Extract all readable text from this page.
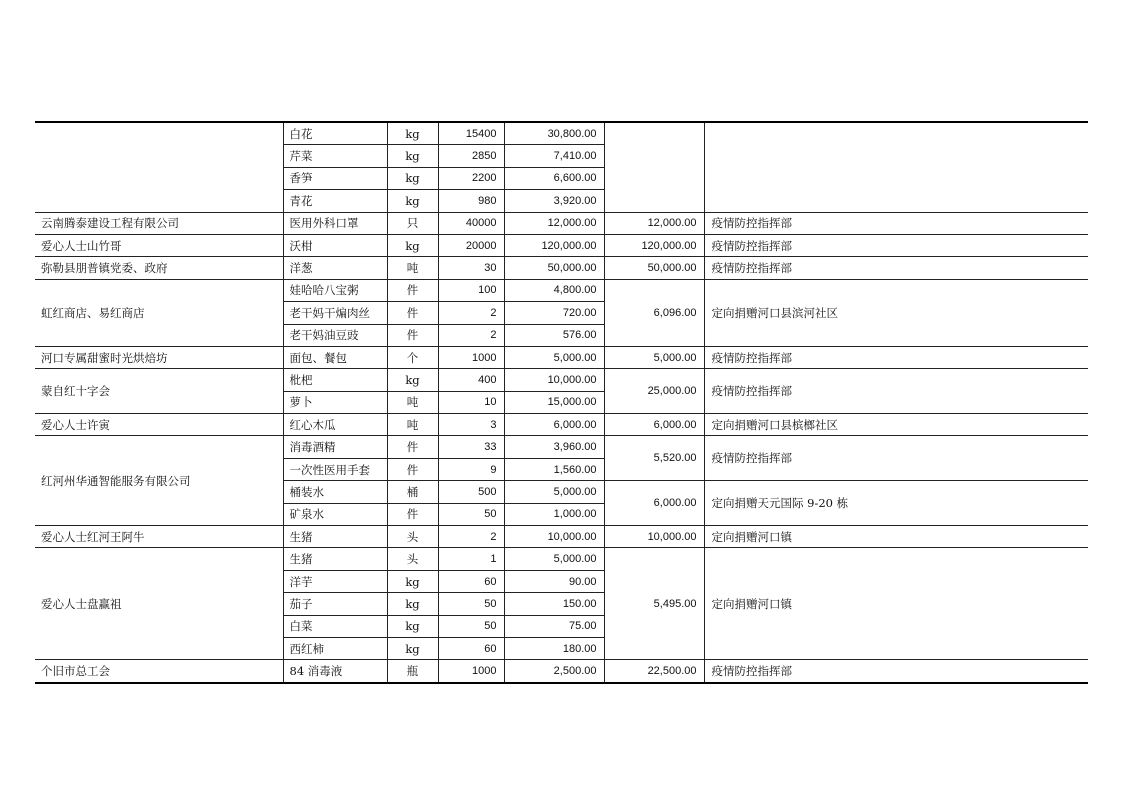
	白花	kg	15400	30,800.00		
	芹菜	kg	2850	7,410.00		
	香笋	kg	2200	6,600.00		
	青花	kg	980	3,920.00		
云南腾泰建设工程有限公司	医用外科口罩	只	40000	12,000.00	12,000.00	疫情防控指挥部
爱心人士山竹哥	沃柑	kg	20000	120,000.00	120,000.00	疫情防控指挥部
弥勒县朋普镇党委、政府	洋葱	吨	30	50,000.00	50,000.00	疫情防控指挥部
虹红商店、易红商店	娃哈哈八宝粥	件	100	4,800.00	6,096.00	定向捐赠河口县滨河社区
	老干妈干煸肉丝	件	2	720.00		
	老干妈油豆豉	件	2	576.00		
河口专属甜蜜时光烘焙坊	面包、餐包	个	1000	5,000.00	5,000.00	疫情防控指挥部
蒙自红十字会	枇杷	kg	400	10,000.00	25,000.00	疫情防控指挥部
	萝卜	吨	10	15,000.00		
爱心人士许寅	红心木瓜	吨	3	6,000.00	6,000.00	定向捐赠河口县槟榔社区
红河州华通智能服务有限公司	消毒酒精	件	33	3,960.00	5,520.00	疫情防控指挥部
	一次性医用手套	件	9	1,560.00		
	桶装水	桶	500	5,000.00	6,000.00	定向捐赠天元国际 9-20 栋
	矿泉水	件	50	1,000.00		
爱心人士红河王阿牛	生猪	头	2	10,000.00	10,000.00	定向捐赠河口镇
爱心人士盘赢祖	生猪	头	1	5,000.00	5,495.00	定向捐赠河口镇
	洋芋	kg	60	90.00		
	茄子	kg	50	150.00		
	白菜	kg	50	75.00		
	西红柿	kg	60	180.00		
个旧市总工会	84 消毒液	瓶	1000	2,500.00	22,500.00	疫情防控指挥部
